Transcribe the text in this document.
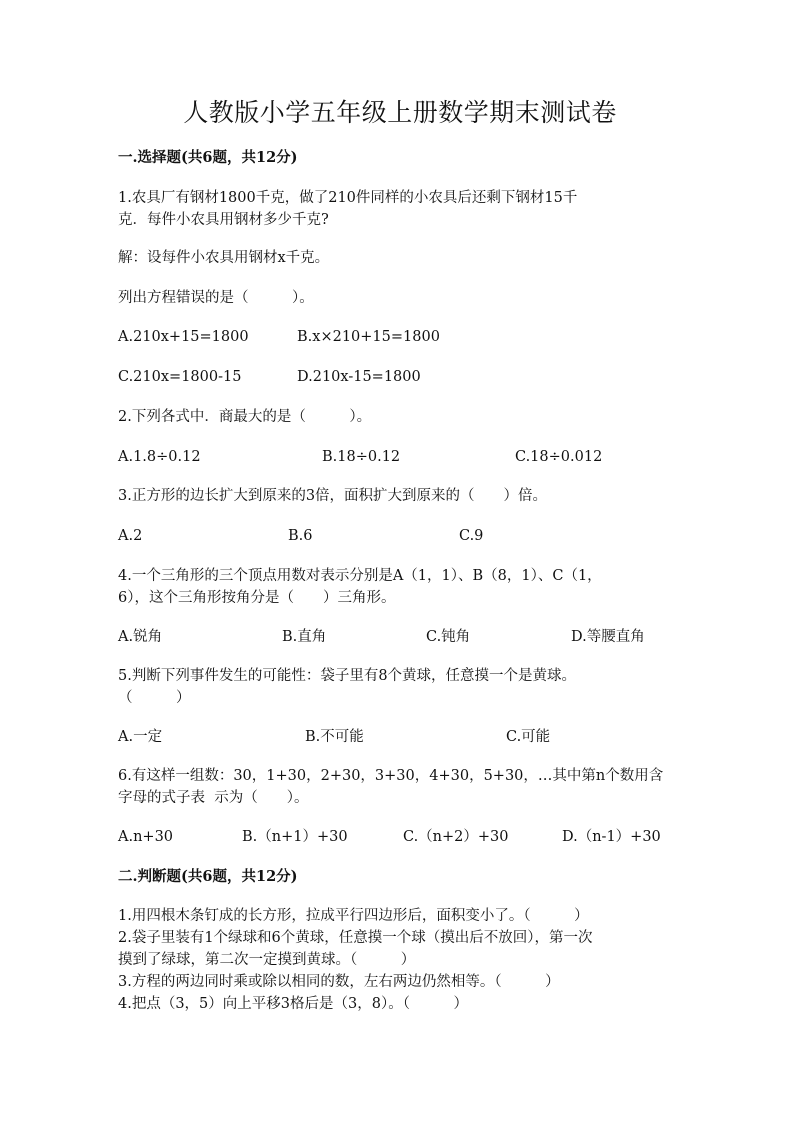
人教版小学五年级上册数学期末测试卷
一.选择题(共6题，共12分)
1.农具厂有钢材1800千克，做了210件同样的小农具后还剩下钢材15千
克．每件小农具用钢材多少千克?
解：设每件小农具用钢材x千克。
列出方程错误的是（　　　）。
A.210x+15=1800	B.x×210+15=1800
C.210x=1800-15	D.210x-15=1800
2.下列各式中．商最大的是（　　　）。
A.1.8÷0.12	B.18÷0.12	C.18÷0.012
3.正方形的边长扩大到原来的3倍，面积扩大到原来的（　　）倍。
A.2	B.6	C.9
4.一个三角形的三个顶点用数对表示分别是A（1，1）、B（8，1）、C（1，
6），这个三角形按角分是（　　）三角形。
A.锐角	B.直角	C.钝角	D.等腰直角
5.判断下列事件发生的可能性：袋子里有8个黄球，任意摸一个是黄球。
（　　　）
A.一定	B.不可能	C.可能
6.有这样一组数：30，1+30，2+30，3+30，4+30，5+30，…其中第n个数用含
字母的式子表  示为（　　）。
A.n+30	B.（n+1）+30	C.（n+2）+30	D.（n-1）+30
二.判断题(共6题，共12分)
1.用四根木条钉成的长方形，拉成平行四边形后，面积变小了。（　　　）
2.袋子里装有1个绿球和6个黄球，任意摸一个球（摸出后不放回），第一次
摸到了绿球，第二次一定摸到黄球。（　　　）
3.方程的两边同时乘或除以相同的数，左右两边仍然相等。（　　　）
4.把点（3，5）向上平移3格后是（3，8）。（　　　）
